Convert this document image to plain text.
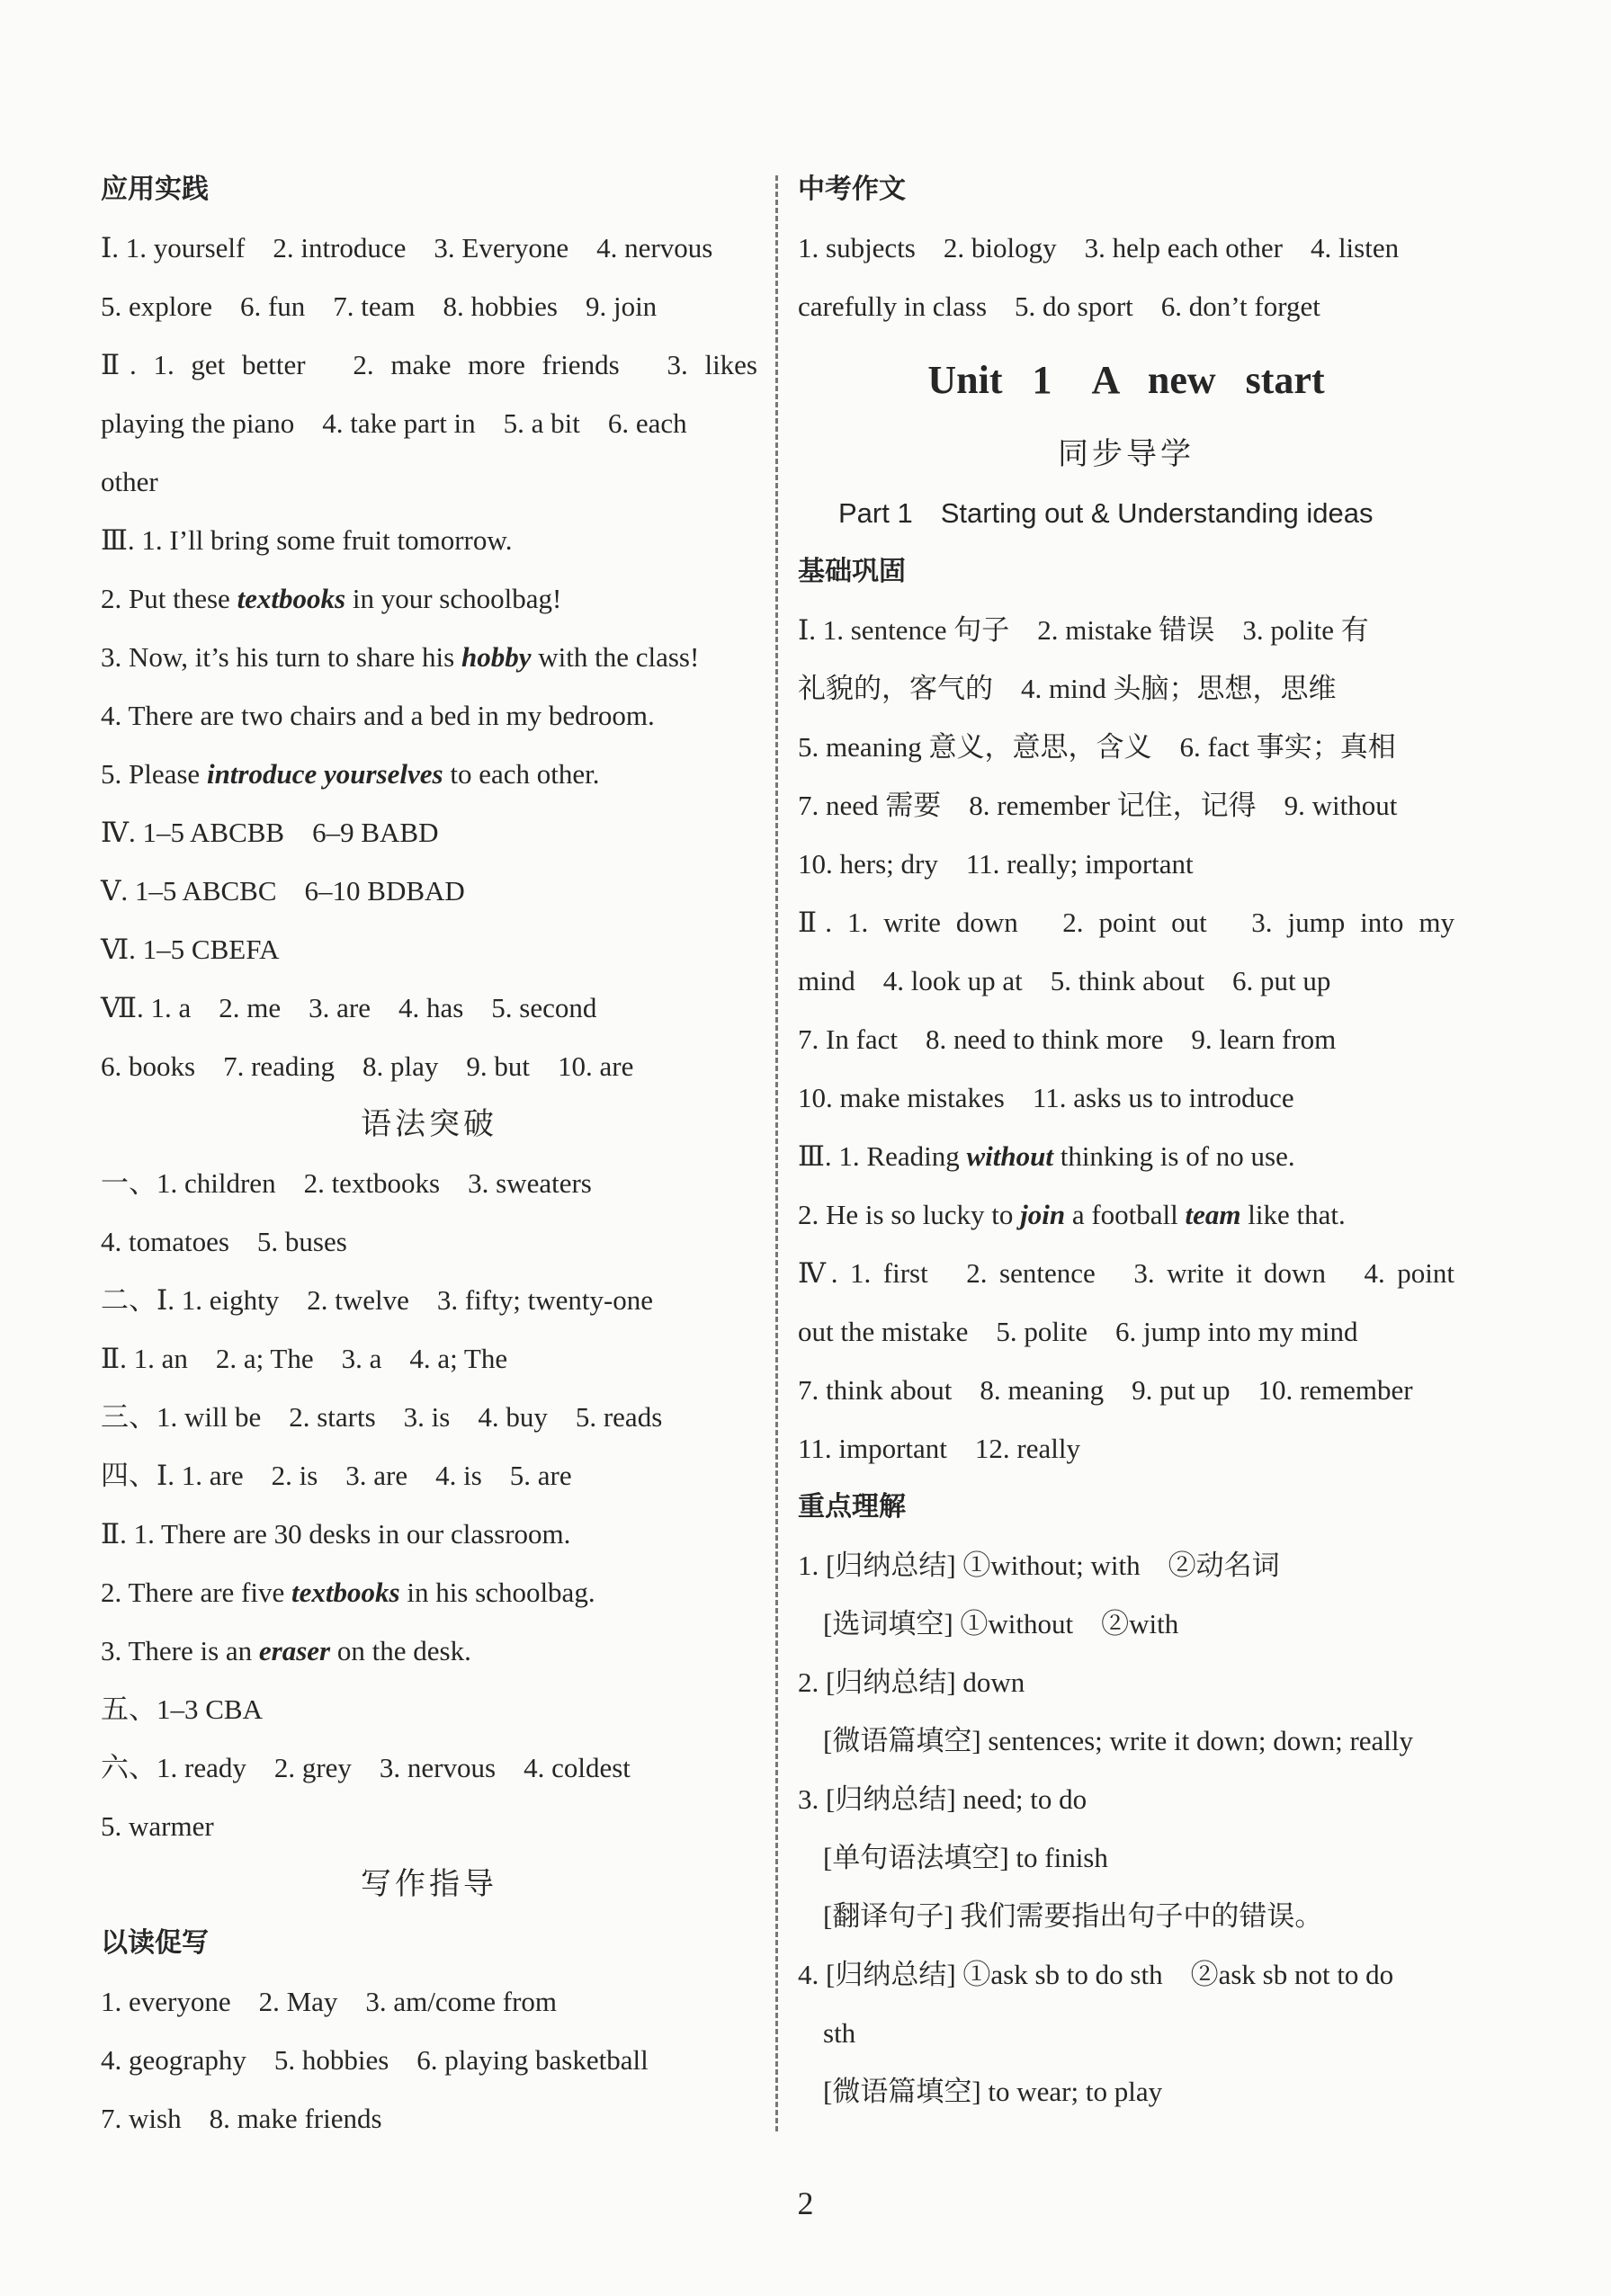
应用实践
Ⅰ. 1. yourself　2. introduce　3. Everyone　4. nervous
5. explore　6. fun　7. team　8. hobbies　9. join
Ⅱ. 1. get better　2. make more friends　3. likes
playing the piano　4. take part in　5. a bit　6. each
other
Ⅲ. 1. I’ll bring some fruit tomorrow.
2. Put these textbooks in your schoolbag!
3. Now, it’s his turn to share his hobby with the class!
4. There are two chairs and a bed in my bedroom.
5. Please introduce yourselves to each other.
Ⅳ. 1–5 ABCBB　6–9 BABD
Ⅴ. 1–5 ABCBC　6–10 BDBAD
Ⅵ. 1–5 CBEFA
Ⅶ. 1. a　2. me　3. are　4. has　5. second
6. books　7. reading　8. play　9. but　10. are
语法突破
一、1. children　2. textbooks　3. sweaters
4. tomatoes　5. buses
二、Ⅰ. 1. eighty　2. twelve　3. fifty; twenty-one
Ⅱ. 1. an　2. a; The　3. a　4. a; The
三、1. will be　2. starts　3. is　4. buy　5. reads
四、Ⅰ. 1. are　2. is　3. are　4. is　5. are
Ⅱ. 1. There are 30 desks in our classroom.
2. There are five textbooks in his schoolbag.
3. There is an eraser on the desk.
五、1–3 CBA
六、1. ready　2. grey　3. nervous　4. coldest
5. warmer
写作指导
以读促写
1. everyone　2. May　3. am/come from
4. geography　5. hobbies　6. playing basketball
7. wish　8. make friends
中考作文
1. subjects　2. biology　3. help each other　4. listen
carefully in class　5. do sport　6. don’t forget
Unit 1　A new start
同步导学
Part 1　Starting out & Understanding ideas
基础巩固
Ⅰ. 1. sentence 句子　2. mistake 错误　3. polite 有
礼貌的，客气的　4. mind 头脑；思想，思维
5. meaning 意义，意思，含义　6. fact 事实；真相
7. need 需要　8. remember 记住，记得　9. without
10. hers; dry　11. really; important
Ⅱ. 1. write down　2. point out　3. jump into my
mind　4. look up at　5. think about　6. put up
7. In fact　8. need to think more　9. learn from
10. make mistakes　11. asks us to introduce
Ⅲ. 1. Reading without thinking is of no use.
2. He is so lucky to join a football team like that.
Ⅳ. 1. first　2. sentence　3. write it down　4. point
out the mistake　5. polite　6. jump into my mind
7. think about　8. meaning　9. put up　10. remember
11. important　12. really
重点理解
1. [归纳总结] ①without; with　②动名词
[选词填空] ①without　②with
2. [归纳总结] down
[微语篇填空] sentences; write it down; down; really
3. [归纳总结] need; to do
[单句语法填空] to finish
[翻译句子] 我们需要指出句子中的错误。
4. [归纳总结] ①ask sb to do sth　②ask sb not to do
sth
[微语篇填空] to wear; to play
2
